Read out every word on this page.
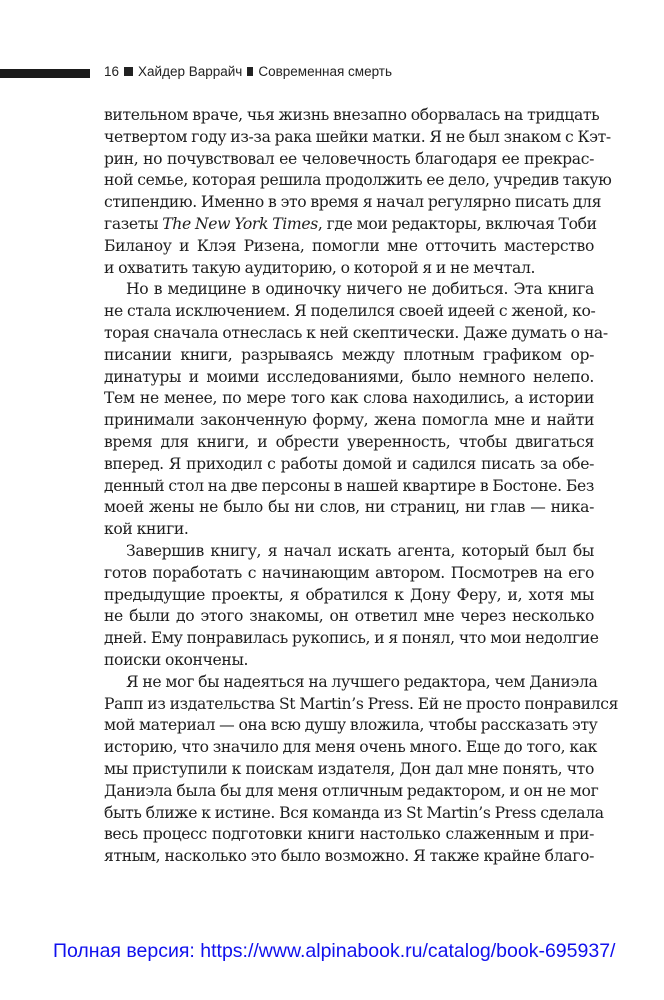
16 Хайдер Варрайч Современная смерть
вительном враче, чья жизнь внезапно оборвалась на тридцать
четвертом году из-за рака шейки матки. Я не был знаком с Кэт-
рин, но почувствовал ее человечность благодаря ее прекрас-
ной семье, которая решила продолжить ее дело, учредив такую
стипендию. Именно в это время я начал регулярно писать для
газеты The New York Times, где мои редакторы, включая Тоби
Биланоу и Клэя Ризена, помогли мне отточить мастерство
и охватить такую аудиторию, о которой я и не мечтал.
Но в медицине в одиночку ничего не добиться. Эта книга
не стала исключением. Я поделился своей идеей с женой, ко-
торая сначала отнеслась к ней скептически. Даже думать о на-
писании книги, разрываясь между плотным графиком ор-
динатуры и моими исследованиями, было немного нелепо.
Тем не менее, по мере того как слова находились, а истории
принимали законченную форму, жена помогла мне и найти
время для книги, и обрести уверенность, чтобы двигаться
вперед. Я приходил с работы домой и садился писать за обе-
денный стол на две персоны в нашей квартире в Бостоне. Без
моей жены не было бы ни слов, ни страниц, ни глав — ника-
кой книги.
Завершив книгу, я начал искать агента, который был бы
готов поработать с начинающим автором. Посмотрев на его
предыдущие проекты, я обратился к Дону Феру, и, хотя мы
не были до этого знакомы, он ответил мне через несколько
дней. Ему понравилась рукопись, и я понял, что мои недолгие
поиски окончены.
Я не мог бы надеяться на лучшего редактора, чем Даниэла
Рапп из издательства St Martin’s Press. Ей не просто понравился
мой материал — она всю душу вложила, чтобы рассказать эту
историю, что значило для меня очень много. Еще до того, как
мы приступили к поискам издателя, Дон дал мне понять, что
Даниэла была бы для меня отличным редактором, и он не мог
быть ближе к истине. Вся команда из St Martin’s Press сделала
весь процесс подготовки книги настолько слаженным и при-
ятным, насколько это было возможно. Я также крайне благо-
Полная версия: https://www.alpinabook.ru/catalog/book-695937/
